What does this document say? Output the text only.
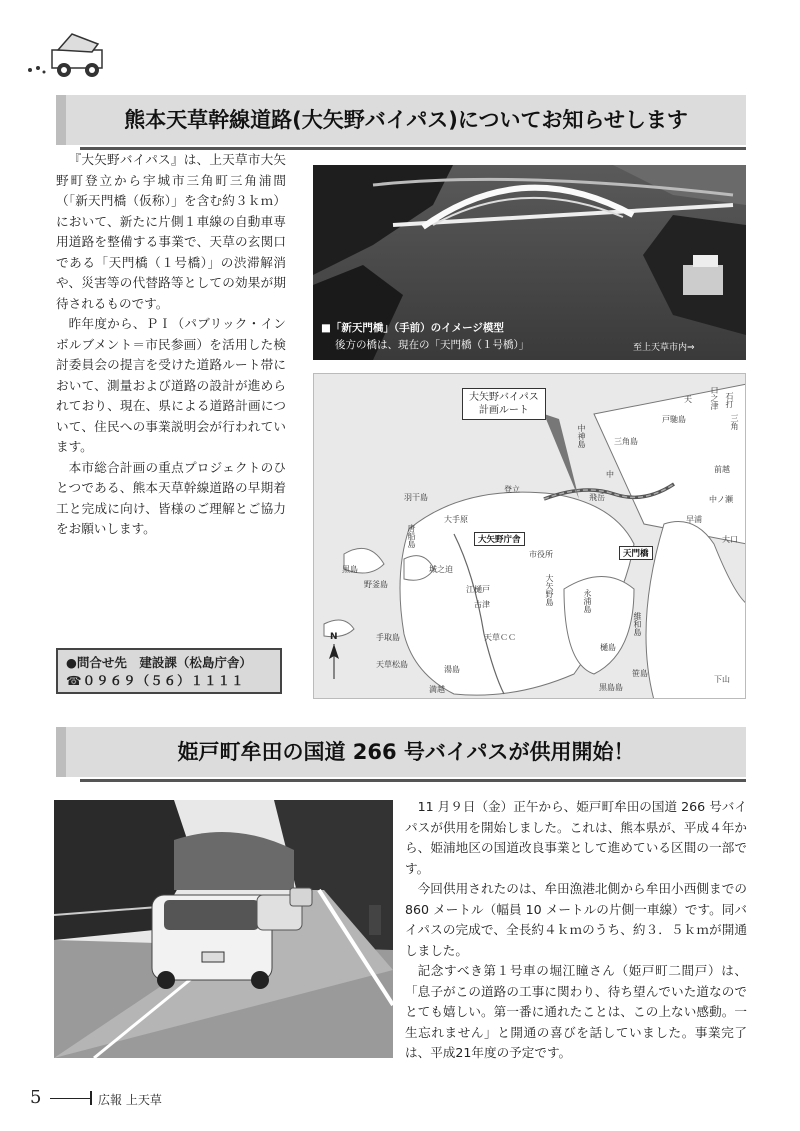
熊本天草幹線道路(大矢野バイパス)についてお知らせします

『大矢野バイパス』は、上天草市大矢野町登立から宇城市三角町三角浦間（「新天門橋（仮称）」を含む約３ｋｍ）において、新たに片側１車線の自動車専用道路を整備する事業で、天草の玄関口である「天門橋（１号橋）」の渋滞解消や、災害等の代替路等としての効果が期待されるものです。

昨年度から、ＰＩ（パブリック・インボルブメント＝市民参画）を活用した検討委員会の提言を受けた道路ルート帯において、測量および道路の設計が進められており、現在、県による道路計画について、住民への事業説明会が行われています。

本市総合計画の重点プロジェクトのひとつである、熊本天草幹線道路の早期着工と完成に向け、皆様のご理解とご協力をお願いします。

●問合せ先　建設課（松島庁舎）
☎０９６９（５６）１１１１
■「新天門橋」（手前）のイメージ模型
後方の橋は、現在の「天門橋（１号橋）」	至上天草市内⇒
大矢野バイパス
計画ルート
N
羽干島
唐船島
黒島
野釜島
手取島
天草松島
湯島
中神島	三角島
大矢野庁舎
市役所	天門橋
大矢野島
飛岳
維和島
永浦島
樋島
笹島
黒島島
満越
天草ＣＣ
江樋戸
古津
城之迫
登立
大手原
戸馳島
口之津
天
三角
前越
下山
中
早浦
中ノ瀬
大口
石打
姫戸町牟田の国道 266 号バイパスが供用開始！

11 月９日（金）正午から、姫戸町牟田の国道 266 号バイパスが供用を開始しました。これは、熊本県が、平成４年から、姫浦地区の国道改良事業として進めている区間の一部です。

今回供用されたのは、牟田漁港北側から牟田小西側までの 860 メートル（幅員 10 メートルの片側一車線）です。同バイパスの完成で、全長約４ｋｍのうち、約３．５ｋｍが開通しました。

記念すべき第１号車の堀江瞳さん（姫戸町二間戸）は、「息子がこの道路の工事に関わり、待ち望んでいた道なのでとても嬉しい。第一番に通れたことは、この上ない感動。一生忘れません」と開通の喜びを話していました。事業完了は、平成21年度の予定です。

5	広報 上天草
